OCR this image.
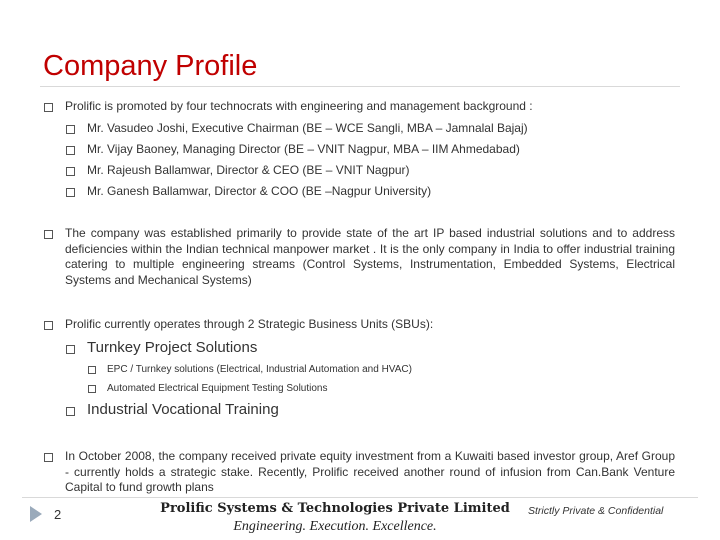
Company Profile
Prolific is promoted by four technocrats with engineering and management background :
Mr. Vasudeo Joshi, Executive Chairman (BE – WCE Sangli, MBA – Jamnalal Bajaj)
Mr. Vijay Baoney, Managing Director (BE – VNIT Nagpur, MBA – IIM Ahmedabad)
Mr. Rajeush Ballamwar, Director & CEO (BE – VNIT Nagpur)
Mr. Ganesh Ballamwar, Director & COO (BE –Nagpur University)
The company was established primarily to provide state of the art IP based industrial solutions and to address deficiencies within the Indian technical manpower market . It is the only company in India to offer industrial training catering to multiple engineering streams (Control Systems, Instrumentation, Embedded Systems, Electrical Systems and Mechanical Systems)
Prolific currently operates through 2 Strategic Business Units (SBUs):
Turnkey Project Solutions
EPC / Turnkey solutions (Electrical, Industrial Automation and HVAC)
Automated Electrical Equipment Testing Solutions
Industrial Vocational Training
In October 2008, the company received private equity investment from a Kuwaiti based investor group, Aref Group - currently holds a strategic stake. Recently, Prolific received another round of infusion from Can.Bank Venture Capital to fund growth plans
2	Prolific Systems & Technologies Private Limited
Engineering. Execution. Excellence.
Strictly Private & Confidential
